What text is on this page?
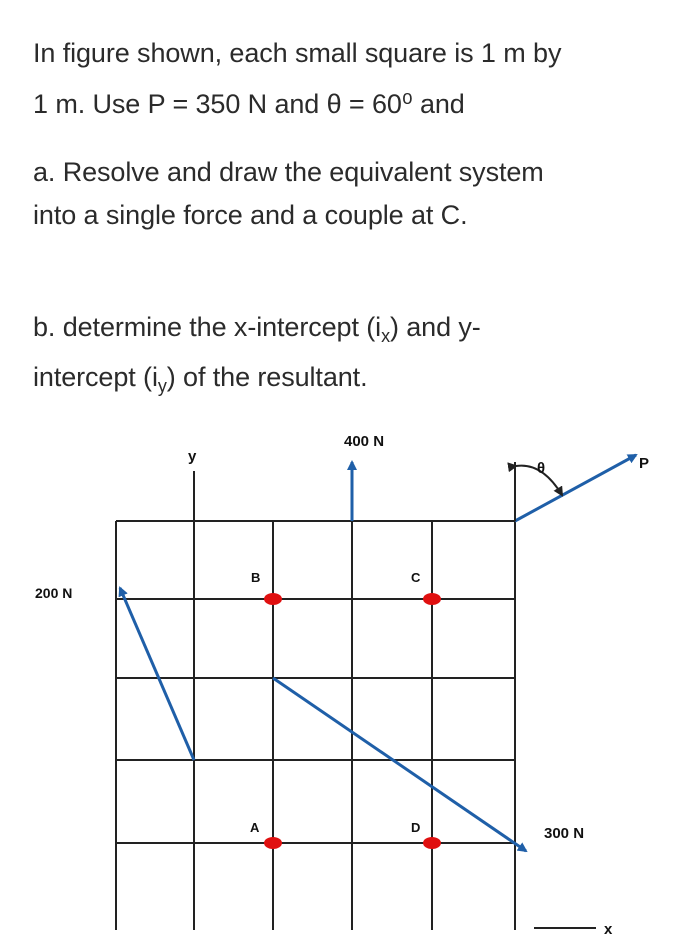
In figure shown, each small square is 1 m by
1 m. Use P = 350 N and θ = 60⁰ and
a. Resolve and draw the equivalent system
into a single force and a couple at C.
b. determine the x-intercept $(i_x)$ and y-
intercept $(i_y)$ of the resultant.
y
x
B	C
A	D
400 N
200 N
300 N
P
θ
